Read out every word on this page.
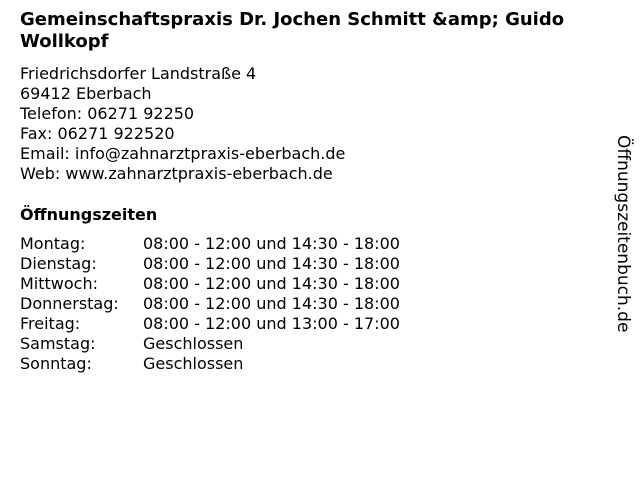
Gemeinschaftspraxis Dr. Jochen Schmitt &amp; Guido Wollkopf
Friedrichsdorfer Landstraße 4
69412 Eberbach
Telefon: 06271 92250
Fax: 06271 922520
Email: info@zahnarztpraxis-eberbach.de
Web: www.zahnarztpraxis-eberbach.de
Öffnungszeiten
Montag:	08:00 - 12:00 und 14:30 - 18:00
Dienstag:	08:00 - 12:00 und 14:30 - 18:00
Mittwoch:	08:00 - 12:00 und 14:30 - 18:00
Donnerstag:	08:00 - 12:00 und 14:30 - 18:00
Freitag:	08:00 - 12:00 und 13:00 - 17:00
Samstag:	Geschlossen
Sonntag:	Geschlossen
Öffnungszeitenbuch.de
